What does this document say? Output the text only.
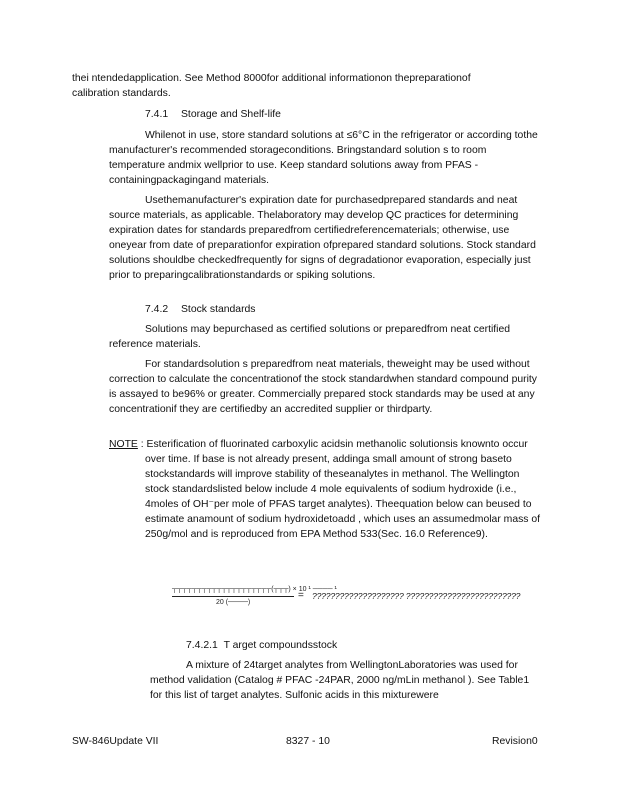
thei ntendedapplication. See Method 8000for additional informationon thepreparationof

calibration standards.

7.4.1 Storage and Shelf-life

Whilenot in use, store standard solutions at ≤6°C in the refrigerator or according tothe manufacturer's recommended storageconditions. Bringstandard solution s to room temperature andmix wellprior to use. Keep standard solutions away from PFAS - containingpackagingand materials.

Usethemanufacturer's expiration date for purchasedprepared standards and neat source materials, as applicable. Thelaboratory may develop QC practices for determining expiration dates for standards preparedfrom certifiedreferencematerials; otherwise, use oneyear from date of preparationfor expiration ofprepared standard solutions. Stock standard solutions shouldbe checkedfrequently for signs of degradationor evaporation, especially just prior to preparingcalibrationstandards or spiking solutions.

7.4.2 Stock standards

Solutions may bepurchased as certified solutions or preparedfrom neat certified reference materials.

For standardsolution s preparedfrom neat materials, theweight may be used without correction to calculate the concentrationof the stock standardwhen standard compound purity is assayed to be96% or greater. Commercially prepared stock standards may be used at any concentrationif they are certifiedby an accredited supplier or thirdparty.

NOTE : Esterification of fluorinated carboxylic acidsin methanolic solutionsis knownto occur over time. If base is not already present, addinga small amount of strong baseto stockstandards will improve stability of theseanalytes in methanol. The Wellington stock standardslisted below include 4 mole equivalents of sodium hydroxide (i.e., 4moles of OH⁻per mole of PFAS target analytes). Theequation below can beused to estimate anamount of sodium hydroxidetoadd , which uses an assumedmolar mass of 250g/mol and is reproduced from EPA Method 533(Sec. 16.0 Reference9).

┬┬┬┬┬┬┬┬┬┬┬┬┬┬┬┬┬┬┬┬(┬┬┬) × 10 ¹ ──── ¹
20 (────)
= ???????????????????? ?????????????????????????
7.4.2.1 T arget compoundsstock

A mixture of 24target analytes from WellingtonLaboratories was used for method validation (Catalog # PFAC -24PAR, 2000 ng/mLin methanol ). See Table1 for this list of target analytes. Sulfonic acids in this mixturewere

SW-846Update VII	8327 - 10	Revision0
